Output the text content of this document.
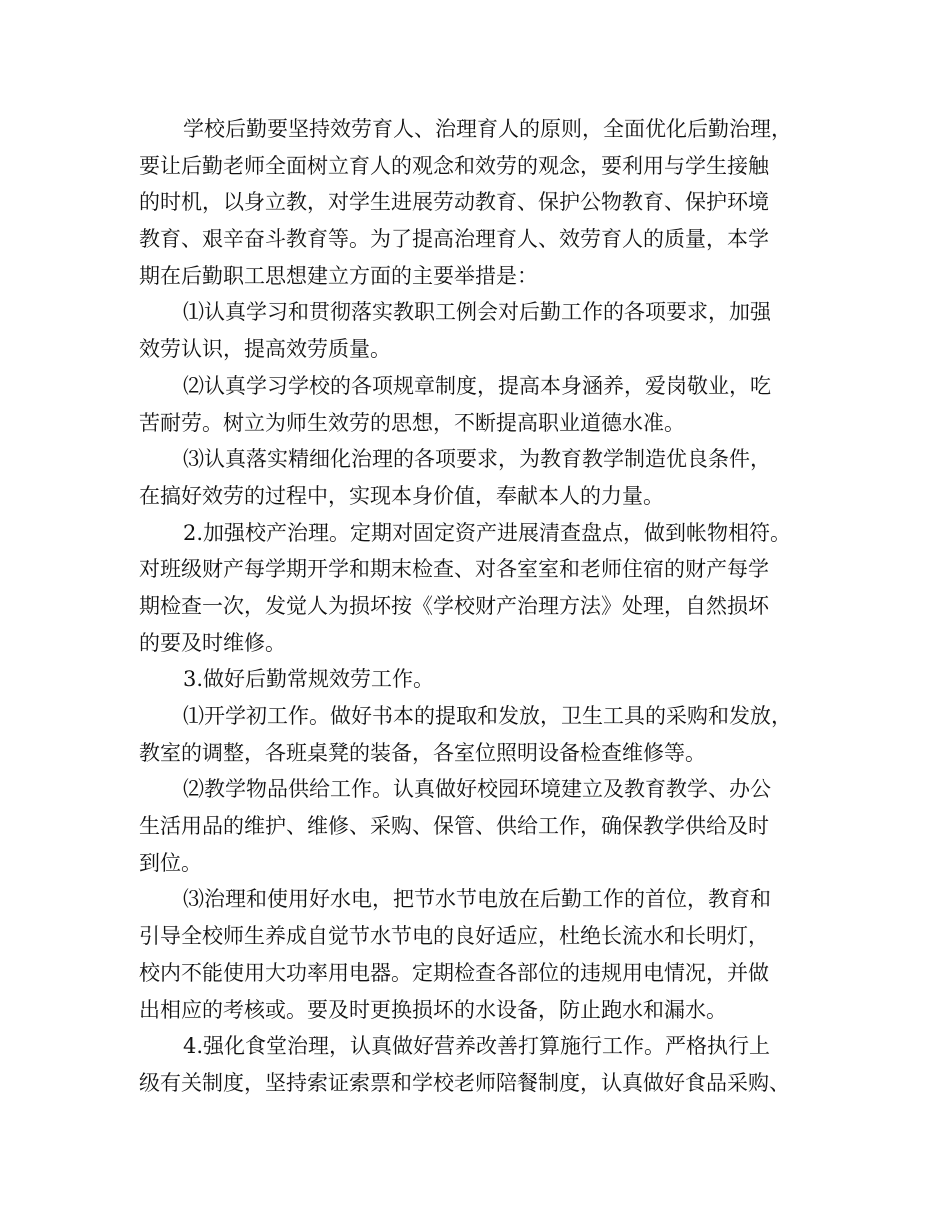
学校后勤要坚持效劳育人、治理育人的原则，全面优化后勤治理，
要让后勤老师全面树立育人的观念和效劳的观念，要利用与学生接触
的时机，以身立教，对学生进展劳动教育、保护公物教育、保护环境
教育、艰辛奋斗教育等。为了提高治理育人、效劳育人的质量，本学
期在后勤职工思想建立方面的主要举措是：
⑴认真学习和贯彻落实教职工例会对后勤工作的各项要求，加强
效劳认识，提高效劳质量。
⑵认真学习学校的各项规章制度，提高本身涵养，爱岗敬业，吃
苦耐劳。树立为师生效劳的思想，不断提高职业道德水准。
⑶认真落实精细化治理的各项要求，为教育教学制造优良条件，
在搞好效劳的过程中，实现本身价值，奉献本人的力量。
2.加强校产治理。定期对固定资产进展清查盘点，做到帐物相符。
对班级财产每学期开学和期末检查、对各室室和老师住宿的财产每学
期检查一次，发觉人为损坏按《学校财产治理方法》处理，自然损坏
的要及时维修。
3.做好后勤常规效劳工作。
⑴开学初工作。做好书本的提取和发放，卫生工具的采购和发放，
教室的调整，各班桌凳的装备，各室位照明设备检查维修等。
⑵教学物品供给工作。认真做好校园环境建立及教育教学、办公
生活用品的维护、维修、采购、保管、供给工作，确保教学供给及时
到位。
⑶治理和使用好水电，把节水节电放在后勤工作的首位，教育和
引导全校师生养成自觉节水节电的良好适应，杜绝长流水和长明灯，
校内不能使用大功率用电器。定期检查各部位的违规用电情况，并做
出相应的考核或。要及时更换损坏的水设备，防止跑水和漏水。
4.强化食堂治理，认真做好营养改善打算施行工作。严格执行上
级有关制度，坚持索证索票和学校老师陪餐制度，认真做好食品采购、
